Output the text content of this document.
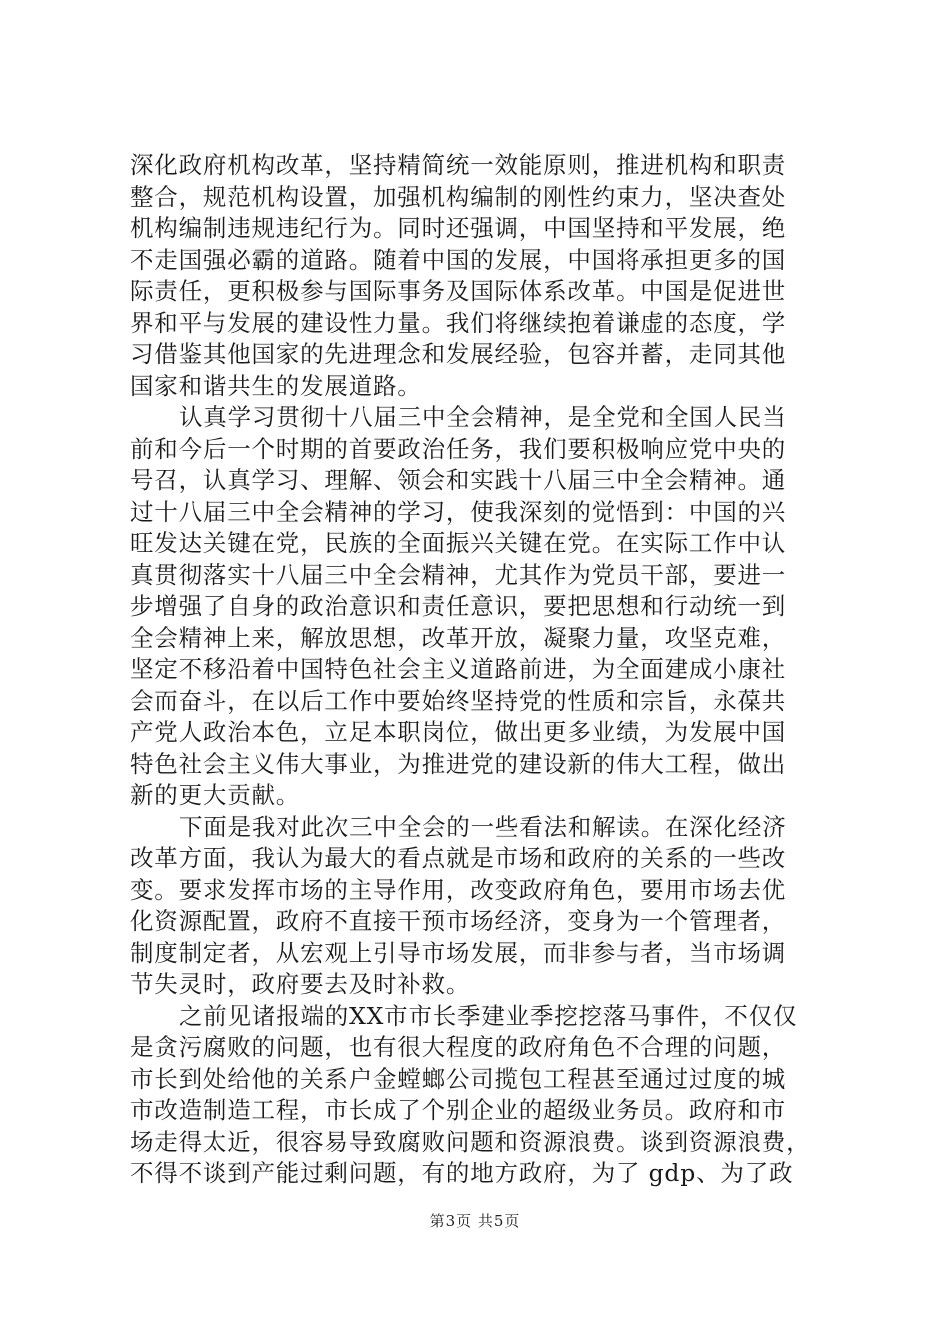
深化政府机构改革，坚持精简统一效能原则，推进机构和职责
整合，规范机构设置，加强机构编制的刚性约束力，坚决查处
机构编制违规违纪行为。同时还强调，中国坚持和平发展，绝
不走国强必霸的道路。随着中国的发展，中国将承担更多的国
际责任，更积极参与国际事务及国际体系改革。中国是促进世
界和平与发展的建设性力量。我们将继续抱着谦虚的态度，学
习借鉴其他国家的先进理念和发展经验，包容并蓄，走同其他
国家和谐共生的发展道路。
认真学习贯彻十八届三中全会精神，是全党和全国人民当
前和今后一个时期的首要政治任务，我们要积极响应党中央的
号召，认真学习、理解、领会和实践十八届三中全会精神。通
过十八届三中全会精神的学习，使我深刻的觉悟到：中国的兴
旺发达关键在党，民族的全面振兴关键在党。在实际工作中认
真贯彻落实十八届三中全会精神，尤其作为党员干部，要进一
步增强了自身的政治意识和责任意识，要把思想和行动统一到
全会精神上来，解放思想，改革开放，凝聚力量，攻坚克难，
坚定不移沿着中国特色社会主义道路前进，为全面建成小康社
会而奋斗，在以后工作中要始终坚持党的性质和宗旨，永葆共
产党人政治本色，立足本职岗位，做出更多业绩，为发展中国
特色社会主义伟大事业，为推进党的建设新的伟大工程，做出
新的更大贡献。
下面是我对此次三中全会的一些看法和解读。在深化经济
改革方面，我认为最大的看点就是市场和政府的关系的一些改
变。要求发挥市场的主导作用，改变政府角色，要用市场去优
化资源配置，政府不直接干预市场经济，变身为一个管理者，
制度制定者，从宏观上引导市场发展，而非参与者，当市场调
节失灵时，政府要去及时补救。
之前见诸报端的XX市市长季建业季挖挖落马事件，不仅仅
是贪污腐败的问题，也有很大程度的政府角色不合理的问题，
市长到处给他的关系户金螳螂公司揽包工程甚至通过过度的城
市改造制造工程，市长成了个别企业的超级业务员。政府和市
场走得太近，很容易导致腐败问题和资源浪费。谈到资源浪费，
不得不谈到产能过剩问题，有的地方政府，为了 gdp、为了政
第3页 共5页
